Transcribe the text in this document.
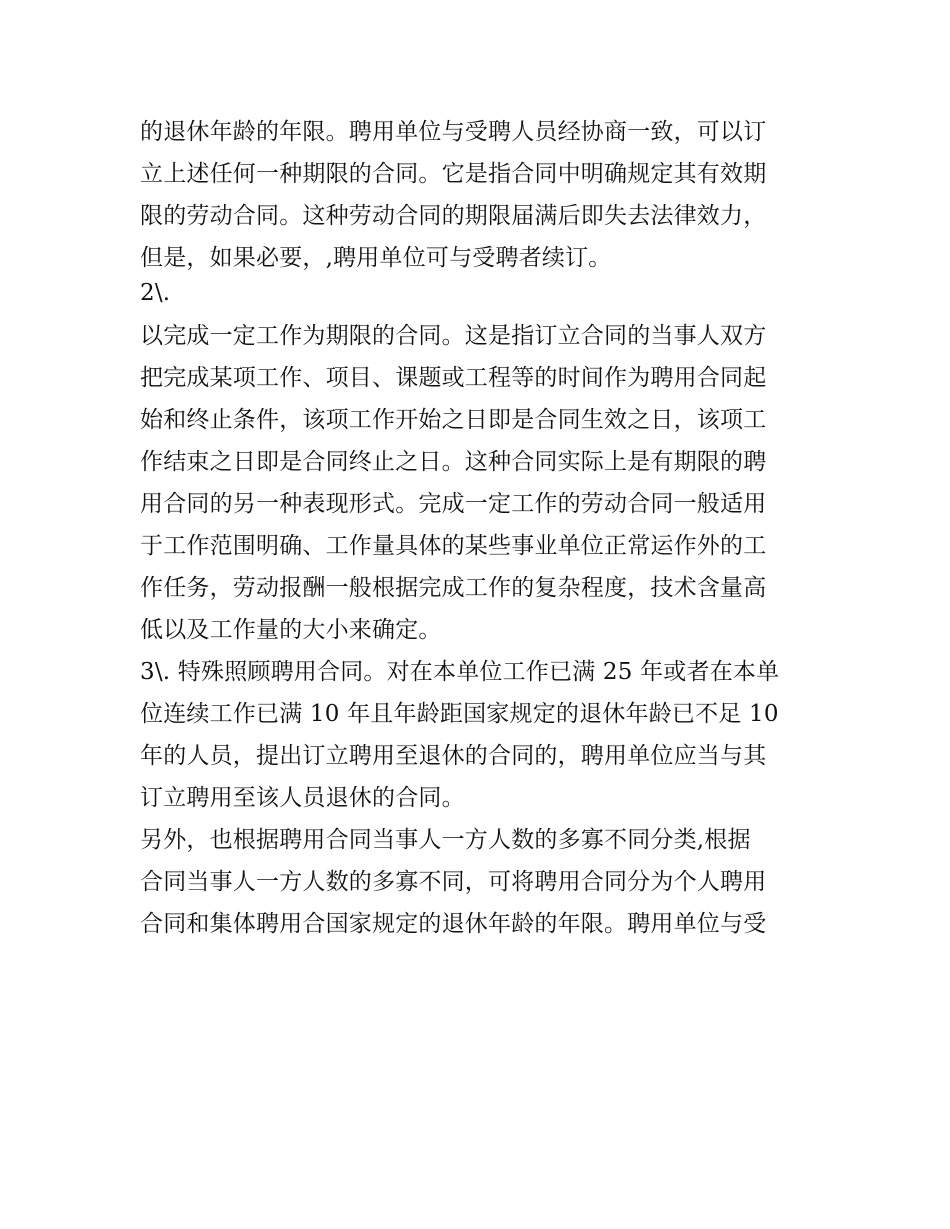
的退休年龄的年限。聘用单位与受聘人员经协商一致，可以订

立上述任何一种期限的合同。它是指合同中明确规定其有效期

限的劳动合同。这种劳动合同的期限届满后即失去法律效力，

但是，如果必要，,聘用单位可与受聘者续订。

2\.

以完成一定工作为期限的合同。这是指订立合同的当事人双方

把完成某项工作、项目、课题或工程等的时间作为聘用合同起

始和终止条件，该项工作开始之日即是合同生效之日，该项工

作结束之日即是合同终止之日。这种合同实际上是有期限的聘

用合同的另一种表现形式。完成一定工作的劳动合同一般适用

于工作范围明确、工作量具体的某些事业单位正常运作外的工

作任务，劳动报酬一般根据完成工作的复杂程度，技术含量高

低以及工作量的大小来确定。

3\. 特殊照顾聘用合同。对在本单位工作已满 25 年或者在本单

位连续工作已满 10 年且年龄距国家规定的退休年龄已不足 10

年的人员，提出订立聘用至退休的合同的，聘用单位应当与其

订立聘用至该人员退休的合同。

另外，也根据聘用合同当事人一方人数的多寡不同分类,根据

合同当事人一方人数的多寡不同，可将聘用合同分为个人聘用

合同和集体聘用合国家规定的退休年龄的年限。聘用单位与受
